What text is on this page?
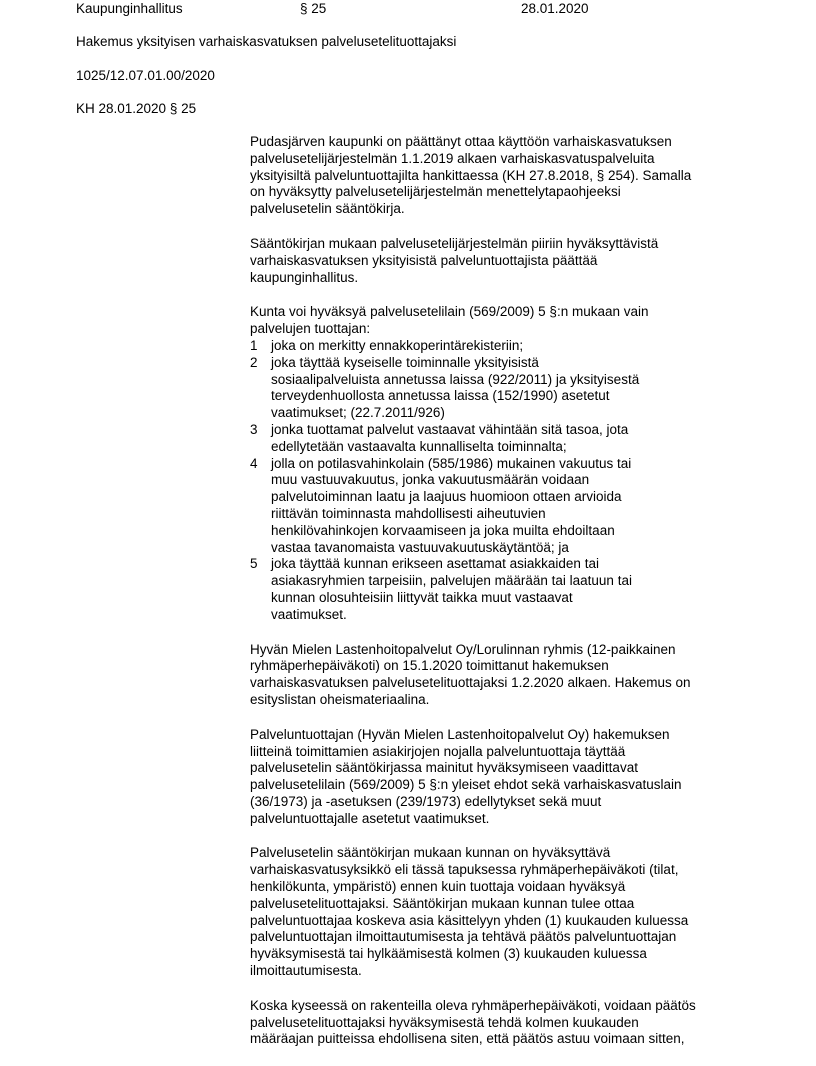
Kaupunginhallitus	§ 25	28.01.2020
Hakemus yksityisen varhaiskasvatuksen palvelusetelituottajaksi
1025/12.07.01.00/2020
KH 28.01.2020 § 25
Pudasjärven kaupunki on päättänyt ottaa käyttöön varhaiskasvatuksen
palvelusetelijärjestelmän 1.1.2019 alkaen varhaiskasvatuspalveluita
yksityisiltä palveluntuottajilta hankittaessa (KH 27.8.2018, § 254). Samalla
on hyväksytty palvelusetelijärjestelmän menettelytapaohjeeksi
palvelusetelin sääntökirja.
Sääntökirjan mukaan palvelusetelijärjestelmän piiriin hyväksyttävistä
varhaiskasvatuksen yksityisistä palveluntuottajista päättää
kaupunginhallitus.
Kunta voi hyväksyä palvelusetelilain (569/2009) 5 §:n mukaan vain
palvelujen tuottajan:
1 joka on merkitty ennakkoperintärekisteriin;
2 joka täyttää kyseiselle toiminnalle yksityisistä
sosiaalipalveluista annetussa laissa (922/2011) ja yksityisestä
terveydenhuollosta annetussa laissa (152/1990) asetetut
vaatimukset; (22.7.2011/926)
3 jonka tuottamat palvelut vastaavat vähintään sitä tasoa, jota
edellytetään vastaavalta kunnalliselta toiminnalta;
4 jolla on potilasvahinkolain (585/1986) mukainen vakuutus tai
muu vastuuvakuutus, jonka vakuutusmäärän voidaan
palvelutoiminnan laatu ja laajuus huomioon ottaen arvioida
riittävän toiminnasta mahdollisesti aiheutuvien
henkilövahinkojen korvaamiseen ja joka muilta ehdoiltaan
vastaa tavanomaista vastuuvakuutuskäytäntöä; ja
5 joka täyttää kunnan erikseen asettamat asiakkaiden tai
asiakasryhmien tarpeisiin, palvelujen määrään tai laatuun tai
kunnan olosuhteisiin liittyvät taikka muut vastaavat
vaatimukset.
Hyvän Mielen Lastenhoitopalvelut Oy/Lorulinnan ryhmis (12-paikkainen
ryhmäperhepäiväkoti) on 15.1.2020 toimittanut hakemuksen
varhaiskasvatuksen palvelusetelituottajaksi 1.2.2020 alkaen. Hakemus on
esityslistan oheismateriaalina.
Palveluntuottajan (Hyvän Mielen Lastenhoitopalvelut Oy) hakemuksen
liitteinä toimittamien asiakirjojen nojalla palveluntuottaja täyttää
palvelusetelin sääntökirjassa mainitut hyväksymiseen vaadittavat
palvelusetelilain (569/2009) 5 §:n yleiset ehdot sekä varhaiskasvatuslain
(36/1973) ja -asetuksen (239/1973) edellytykset sekä muut
palveluntuottajalle asetetut vaatimukset.
Palvelusetelin sääntökirjan mukaan kunnan on hyväksyttävä
varhaiskasvatusyksikkö eli tässä tapuksessa ryhmäperhepäiväkoti (tilat,
henkilökunta, ympäristö) ennen kuin tuottaja voidaan hyväksyä
palvelusetelituottajaksi. Sääntökirjan mukaan kunnan tulee ottaa
palveluntuottajaa koskeva asia käsittelyyn yhden (1) kuukauden kuluessa
palveluntuottajan ilmoittautumisesta ja tehtävä päätös palveluntuottajan
hyväksymisestä tai hylkäämisestä kolmen (3) kuukauden kuluessa
ilmoittautumisesta.
Koska kyseessä on rakenteilla oleva ryhmäperhepäiväkoti, voidaan päätös
palvelusetelituottajaksi hyväksymisestä tehdä kolmen kuukauden
määräajan puitteissa ehdollisena siten, että päätös astuu voimaan sitten,
